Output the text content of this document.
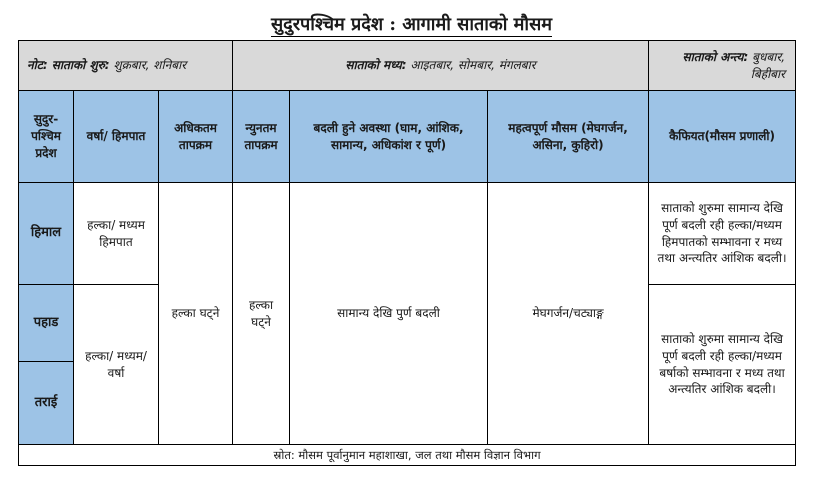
सुदुरपश्चिम प्रदेश : आगामी साताको मौसम
नोट: साताको शुरु: शुक्रबार, शनिबार			साताको मध्य: आइतबार, सोमबार, मंगलबार			साताको अन्त्य: बुधबार, बिहीबार
सुदुर-पश्चिम प्रदेश	वर्षा/ हिमपात	अधिकतम तापक्रम	न्युनतम तापक्रम	बदली हुने अवस्था (घाम, आंशिक, सामान्य, अधिकांश र पूर्ण)	महत्वपूर्ण मौसम (मेघगर्जन, असिना, कुहिरो)	कैफियत(मौसम प्रणाली)
हिमाल	हल्का/ मध्यम हिमपात	हल्का घट्ने	हल्का घट्ने	सामान्य देखि पुर्ण बदली	मेघगर्जन/चट्याङ्ग	साताको शुरुमा सामान्य देखि पूर्ण बदली रही हल्का/मध्यम हिमपातको सम्भावना र मध्य तथा अन्त्यतिर आंशिक बदली।
पहाड	हल्का/ मध्यम/ वर्षा					साताको शुरुमा सामान्य देखि पूर्ण बदली रही हल्का/मध्यम बर्षाको सम्भावना र मध्य तथा अन्त्यतिर आंशिक बदली।
तराई						
स्रोत: मौसम पूर्वानुमान महाशाखा, जल तथा मौसम विज्ञान विभाग						
